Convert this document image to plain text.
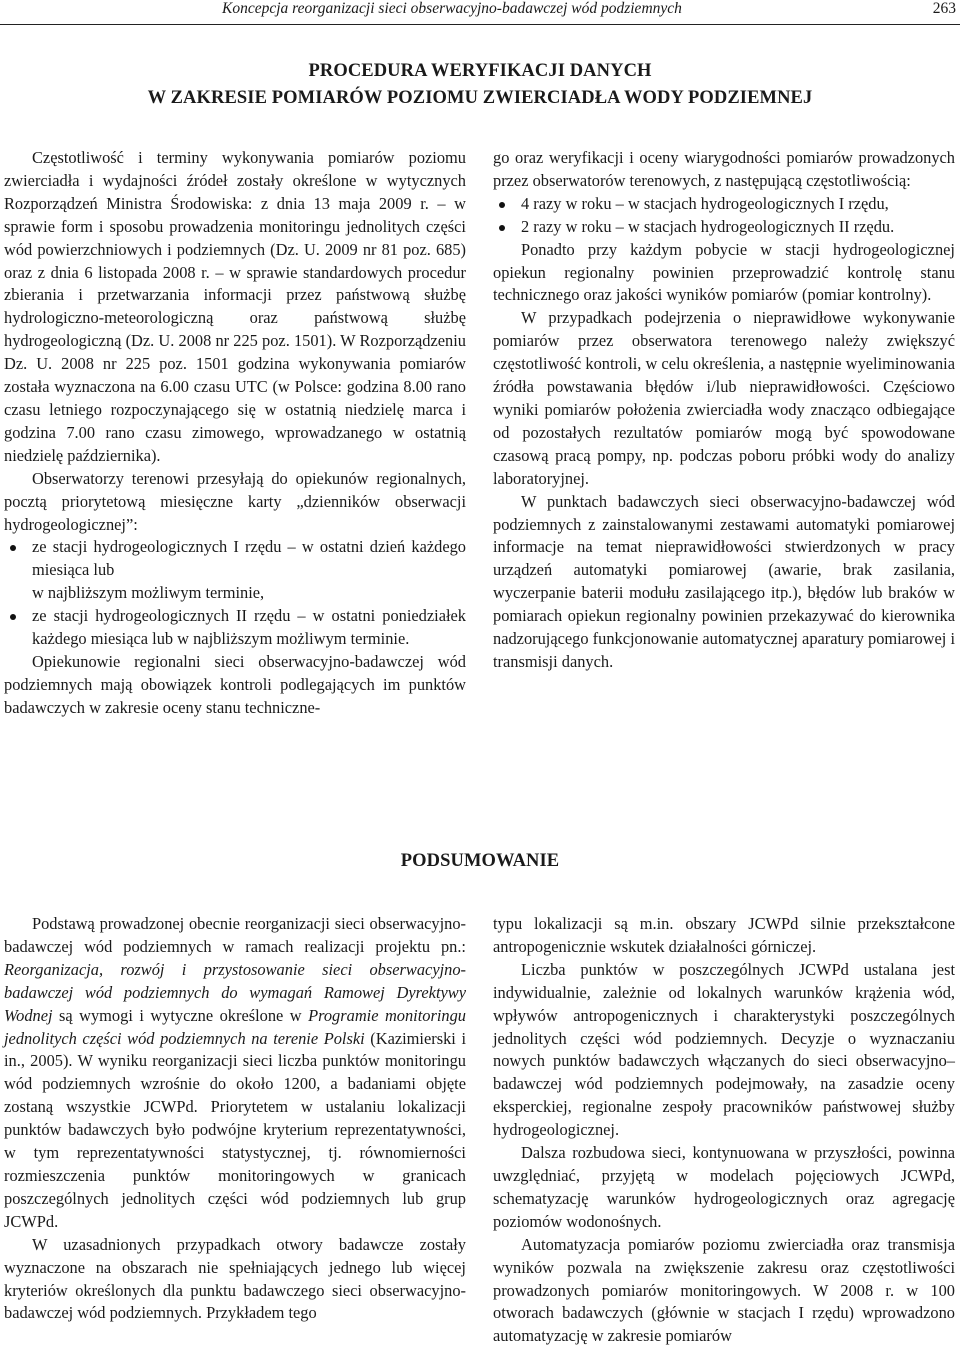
Koncepcja reorganizacji sieci obserwacyjno-badawczej wód podziemnych	263
PROCEDURA WERYFIKACJI DANYCH
W ZAKRESIE POMIARÓW POZIOMU ZWIERCIADŁA WODY PODZIEMNEJ

Częstotliwość i terminy wykonywania pomiarów poziomu zwierciadła i wydajności źródeł zostały określone w wytycznych Rozporządzeń Ministra Środowiska: z dnia 13 maja 2009 r. – w sprawie form i sposobu prowadzenia monitoringu jednolitych części wód powierzchniowych i podziemnych (Dz. U. 2009 nr 81 poz. 685) oraz z dnia 6 listopada 2008 r. – w sprawie standardowych procedur zbierania i przetwarzania informacji przez państwową służbę hydrologiczno-meteorologiczną oraz państwową służbę hydrogeologiczną (Dz. U. 2008 nr 225 poz. 1501). W Rozporządzeniu Dz. U. 2008 nr 225 poz. 1501 godzina wykonywania pomiarów została wyznaczona na 6.00 czasu UTC (w Polsce: godzina 8.00 rano czasu letniego rozpoczynającego się w ostatnią niedzielę marca i godzina 7.00 rano czasu zimowego, wprowadzanego w ostatnią niedzielę października).

Obserwatorzy terenowi przesyłają do opiekunów regionalnych, pocztą priorytetową miesięczne karty „dzienników obserwacji hydrogeologicznej”:

ze stacji hydrogeologicznych I rzędu – w ostatni dzień każdego miesiąca lub
w najbliższym możliwym terminie,
ze stacji hydrogeologicznych II rzędu – w ostatni poniedziałek każdego miesiąca lub w najbliższym możliwym terminie.

Opiekunowie regionalni sieci obserwacyjno-badawczej wód podziemnych mają obowiązek kontroli podlegających im punktów badawczych w zakresie oceny stanu techniczne-

go oraz weryfikacji i oceny wiarygodności pomiarów prowadzonych przez obserwatorów terenowych, z następującą częstotliwością:

4 razy w roku – w stacjach hydrogeologicznych I rzędu,
2 razy w roku – w stacjach hydrogeologicznych II rzędu.

Ponadto przy każdym pobycie w stacji hydrogeologicznej opiekun regionalny powinien przeprowadzić kontrolę stanu technicznego oraz jakości wyników pomiarów (pomiar kontrolny).

W przypadkach podejrzenia o nieprawidłowe wykonywanie pomiarów przez obserwatora terenowego należy zwiększyć częstotliwość kontroli, w celu określenia, a następnie wyeliminowania źródła powstawania błędów i/lub nieprawidłowości. Częściowo wyniki pomiarów położenia zwierciadła wody znacząco odbiegające od pozostałych rezultatów pomiarów mogą być spowodowane czasową pracą pompy, np. podczas poboru próbki wody do analizy laboratoryjnej.

W punktach badawczych sieci obserwacyjno-badawczej wód podziemnych z zainstalowanymi zestawami automatyki pomiarowej informacje na temat nieprawidłowości stwierdzonych w pracy urządzeń automatyki pomiarowej (awarie, brak zasilania, wyczerpanie baterii modułu zasilającego itp.), błędów lub braków w pomiarach opiekun regionalny powinien przekazywać do kierownika nadzorującego funkcjonowanie automatycznej aparatury pomiarowej i transmisji danych.

PODSUMOWANIE

Podstawą prowadzonej obecnie reorganizacji sieci obserwacyjno-badawczej wód podziemnych w ramach realizacji projektu pn.: Reorganizacja, rozwój i przystosowanie sieci obserwacyjno-badawczej wód podziemnych do wymagań Ramowej Dyrektywy Wodnej są wymogi i wytyczne określone w Programie monitoringu jednolitych części wód podziemnych na terenie Polski (Kazimierski i in., 2005). W wyniku reorganizacji sieci liczba punktów monitoringu wód podziemnych wzrośnie do około 1200, a badaniami objęte zostaną wszystkie JCWPd. Priorytetem w ustalaniu lokalizacji punktów badawczych było podwójne kryterium reprezentatywności, w tym reprezentatywności statystycznej, tj. równomierności rozmieszczenia punktów monitoringowych w granicach poszczególnych jednolitych części wód podziemnych lub grup JCWPd.

W uzasadnionych przypadkach otwory badawcze zostały wyznaczone na obszarach nie spełniających jednego lub więcej kryteriów określonych dla punktu badawczego sieci obserwacyjno-badawczej wód podziemnych. Przykładem tego

typu lokalizacji są m.in. obszary JCWPd silnie przekształcone antropogenicznie wskutek działalności górniczej.

Liczba punktów w poszczególnych JCWPd ustalana jest indywidualnie, zależnie od lokalnych warunków krążenia wód, wpływów antropogenicznych i charakterystyki poszczególnych jednolitych części wód podziemnych. Decyzje o wyznaczaniu nowych punktów badawczych włączanych do sieci obserwacyjno–badawczej wód podziemnych podejmowały, na zasadzie oceny eksperckiej, regionalne zespoły pracowników państwowej służby hydrogeologicznej.

Dalsza rozbudowa sieci, kontynuowana w przyszłości, powinna uwzględniać, przyjętą w modelach pojęciowych JCWPd, schematyzację warunków hydrogeologicznych oraz agregację poziomów wodonośnych.

Automatyzacja pomiarów poziomu zwierciadła oraz transmisja wyników pozwala na zwiększenie zakresu oraz częstotliwości prowadzonych pomiarów monitoringowych. W 2008 r. w 100 otworach badawczych (głównie w stacjach I rzędu) wprowadzono automatyzację w zakresie pomiarów
